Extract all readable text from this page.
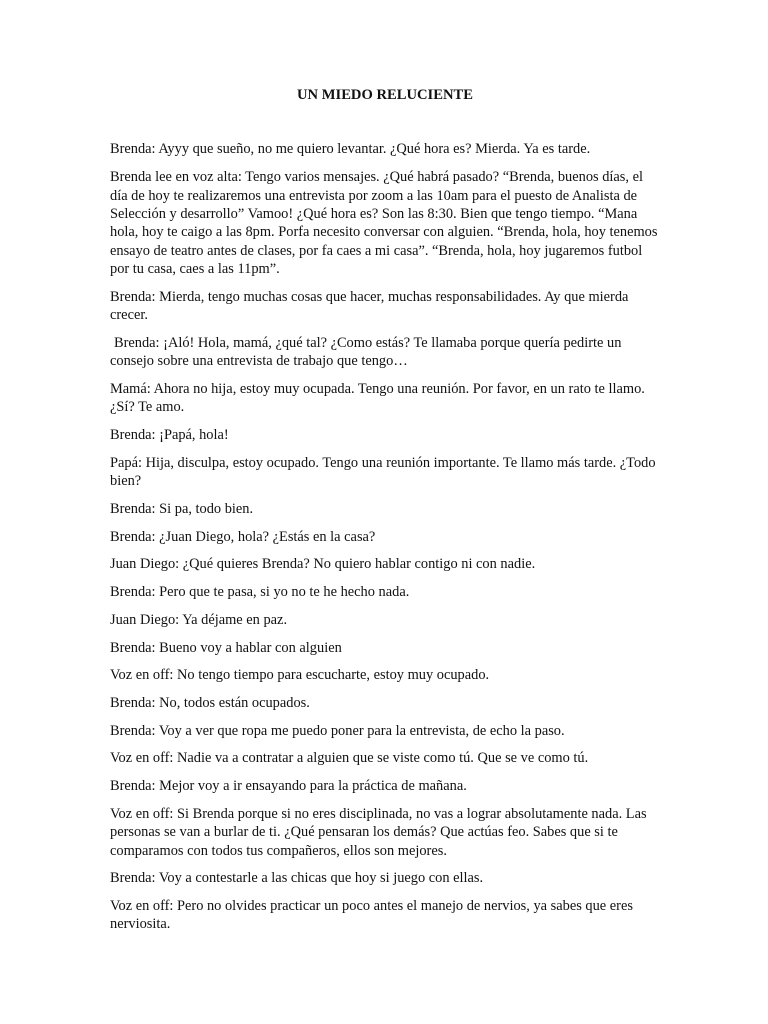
UN MIEDO RELUCIENTE

Brenda: Ayyy que sueño, no me quiero levantar. ¿Qué hora es? Mierda. Ya es tarde.

Brenda lee en voz alta: Tengo varios mensajes. ¿Qué habrá pasado? “Brenda, buenos días, el día de hoy te realizaremos una entrevista por zoom a las 10am para el puesto de Analista de Selección y desarrollo” Vamoo! ¿Qué hora es? Son las 8:30. Bien que tengo tiempo. “Mana hola, hoy te caigo a las 8pm. Porfa necesito conversar con alguien. “Brenda, hola, hoy tenemos ensayo de teatro antes de clases, por fa caes a mi casa”. “Brenda, hola, hoy jugaremos futbol por tu casa, caes a las 11pm”.

Brenda: Mierda, tengo muchas cosas que hacer, muchas responsabilidades. Ay que mierda crecer.

Brenda: ¡Aló! Hola, mamá, ¿qué tal? ¿Como estás? Te llamaba porque quería pedirte un consejo sobre una entrevista de trabajo que tengo…

Mamá: Ahora no hija, estoy muy ocupada. Tengo una reunión. Por favor, en un rato te llamo. ¿Sí? Te amo.

Brenda: ¡Papá, hola!

Papá: Hija, disculpa, estoy ocupado. Tengo una reunión importante. Te llamo más tarde. ¿Todo bien?

Brenda: Si pa, todo bien.

Brenda: ¿Juan Diego, hola? ¿Estás en la casa?

Juan Diego: ¿Qué quieres Brenda? No quiero hablar contigo ni con nadie.

Brenda: Pero que te pasa, si yo no te he hecho nada.

Juan Diego: Ya déjame en paz.

Brenda: Bueno voy a hablar con alguien

Voz en off: No tengo tiempo para escucharte, estoy muy ocupado.

Brenda: No, todos están ocupados.

Brenda: Voy a ver que ropa me puedo poner para la entrevista, de echo la paso.

Voz en off: Nadie va a contratar a alguien que se viste como tú. Que se ve como tú.

Brenda: Mejor voy a ir ensayando para la práctica de mañana.

Voz en off: Si Brenda porque si no eres disciplinada, no vas a lograr absolutamente nada. Las personas se van a burlar de ti. ¿Qué pensaran los demás? Que actúas feo. Sabes que si te comparamos con todos tus compañeros, ellos son mejores.

Brenda: Voy a contestarle a las chicas que hoy si juego con ellas.

Voz en off: Pero no olvides practicar un poco antes el manejo de nervios, ya sabes que eres nerviosita.
